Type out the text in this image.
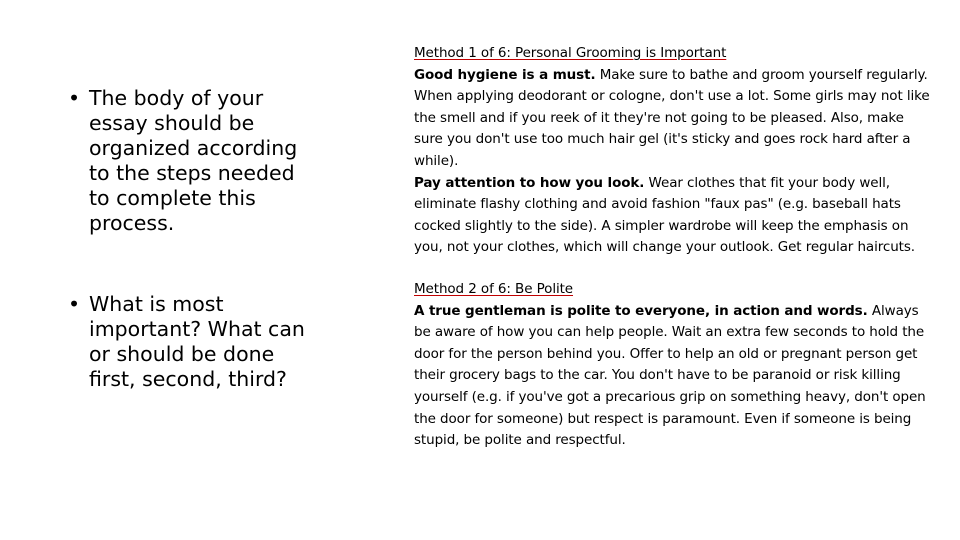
• The body of your essay should be organized according to the steps needed to complete this process.
• What is most important? What can or should be done first, second, third?
Method 1 of 6: Personal Grooming is Important

Good hygiene is a must. Make sure to bathe and groom yourself regularly. When applying deodorant or cologne, don't use a lot. Some girls may not like the smell and if you reek of it they're not going to be pleased. Also, make sure you don't use too much hair gel (it's sticky and goes rock hard after a while).

Pay attention to how you look. Wear clothes that fit your body well, eliminate flashy clothing and avoid fashion "faux pas" (e.g. baseball hats cocked slightly to the side). A simpler wardrobe will keep the emphasis on you, not your clothes, which will change your outlook. Get regular haircuts.

Method 2 of 6: Be Polite

A true gentleman is polite to everyone, in action and words. Always be aware of how you can help people. Wait an extra few seconds to hold the door for the person behind you. Offer to help an old or pregnant person get their grocery bags to the car. You don't have to be paranoid or risk killing yourself (e.g. if you've got a precarious grip on something heavy, don't open the door for someone) but respect is paramount. Even if someone is being stupid, be polite and respectful.
